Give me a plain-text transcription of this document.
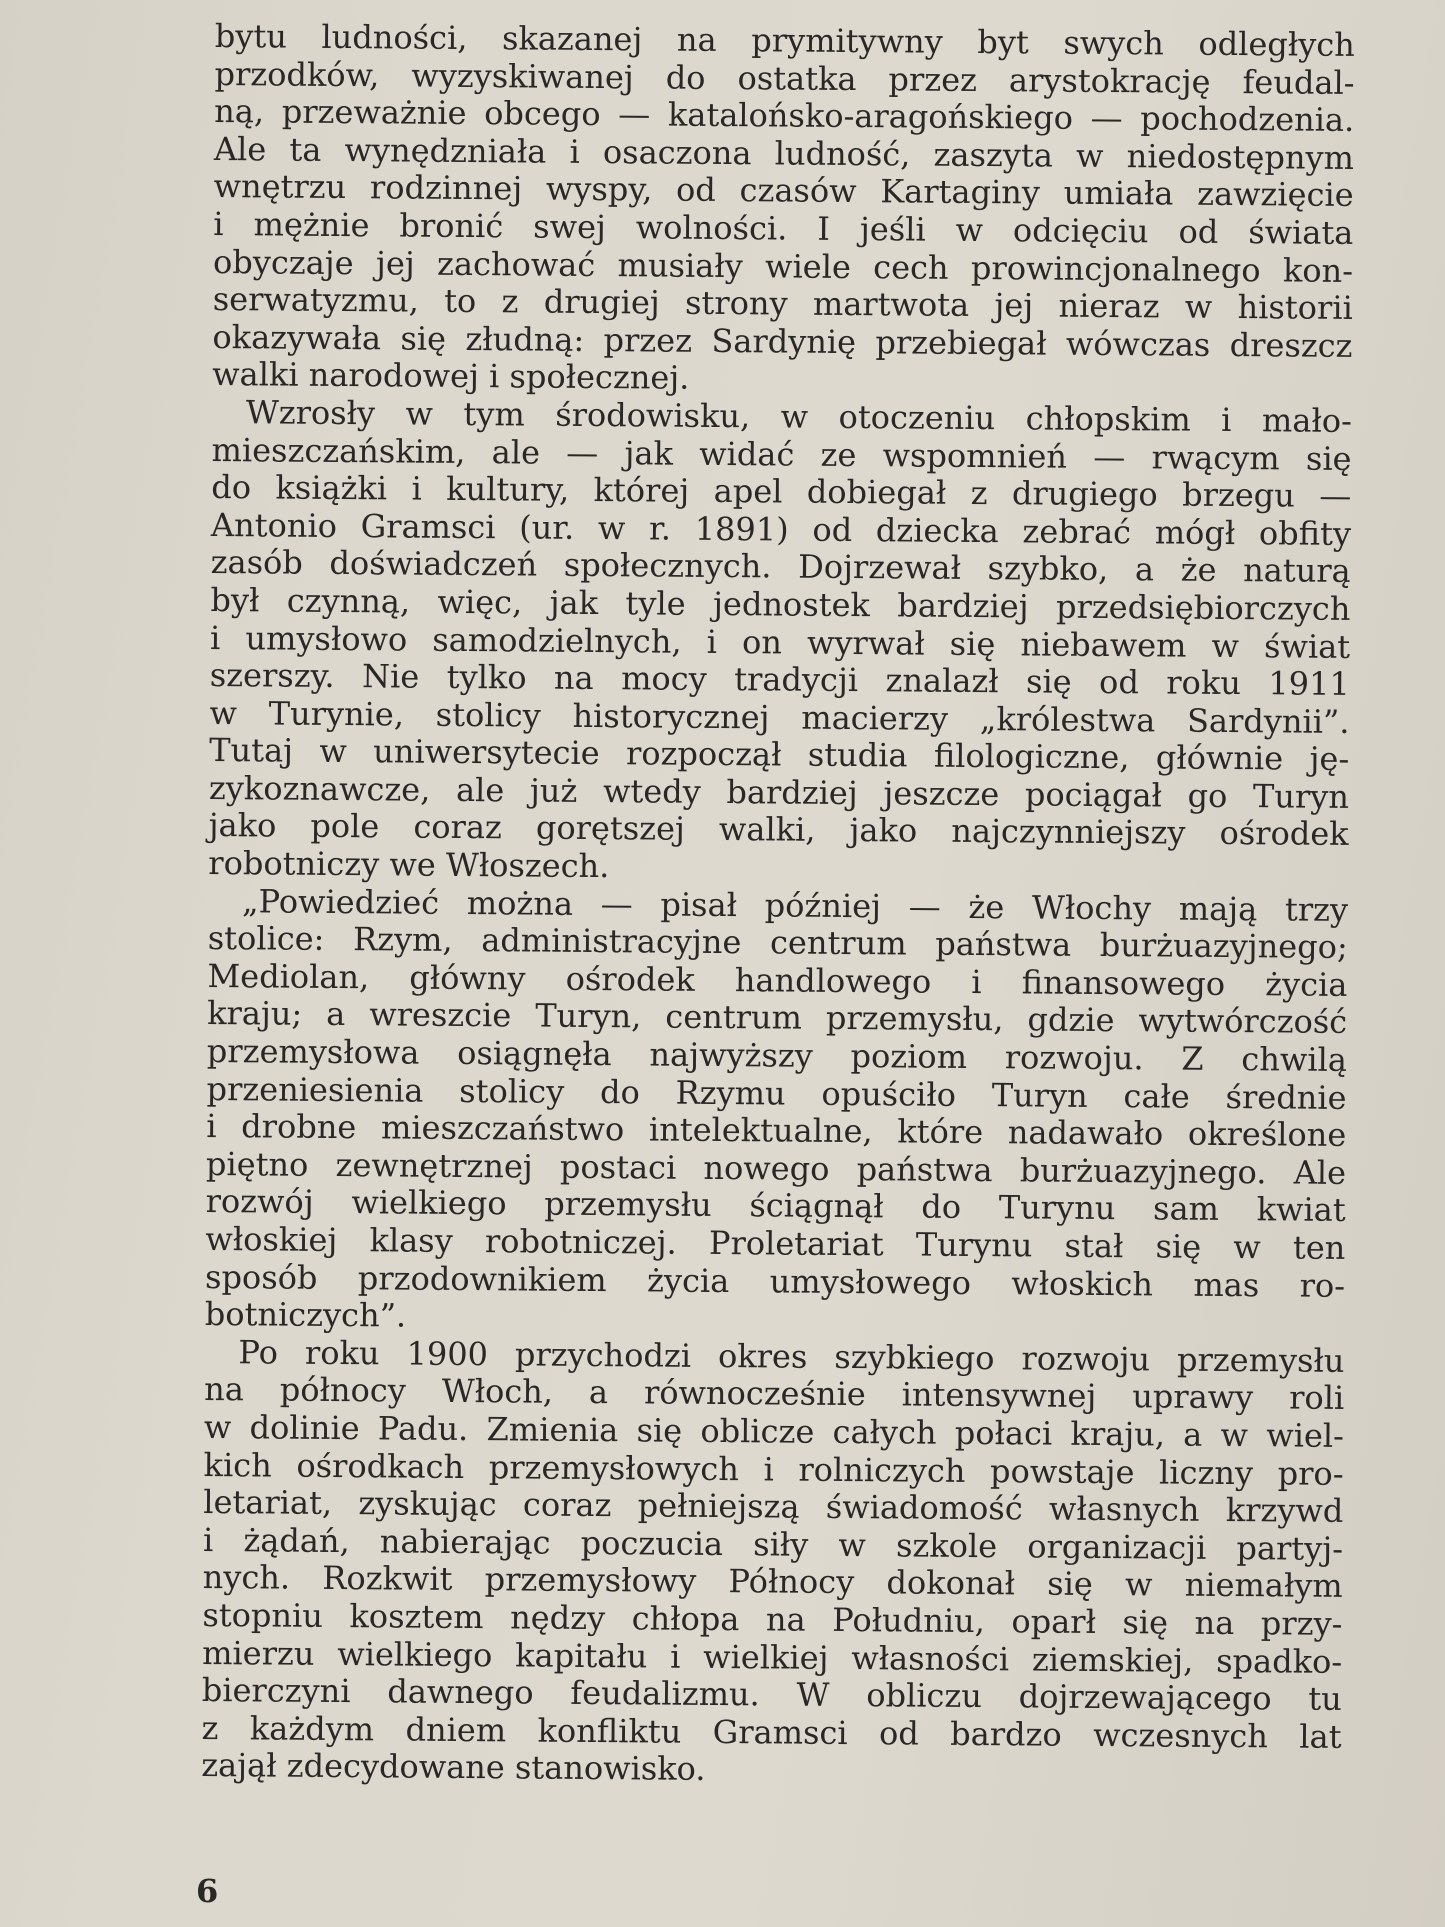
bytu ludności, skazanej na prymitywny byt swych odległych
przodków, wyzyskiwanej do ostatka przez arystokrację feudal-
ną, przeważnie obcego — katalońsko-aragońskiego — pochodzenia.
Ale ta wynędzniała i osaczona ludność, zaszyta w niedostępnym
wnętrzu rodzinnej wyspy, od czasów Kartaginy umiała zawzięcie
i mężnie bronić swej wolności. I jeśli w odcięciu od świata
obyczaje jej zachować musiały wiele cech prowincjonalnego kon-
serwatyzmu, to z drugiej strony martwota jej nieraz w historii
okazywała się złudną: przez Sardynię przebiegał wówczas dreszcz
walki narodowej i społecznej.
Wzrosły w tym środowisku, w otoczeniu chłopskim i mało-
mieszczańskim, ale — jak widać ze wspomnień — rwącym się
do książki i kultury, której apel dobiegał z drugiego brzegu —
Antonio Gramsci (ur. w r. 1891) od dziecka zebrać mógł obfity
zasób doświadczeń społecznych. Dojrzewał szybko, a że naturą
był czynną, więc, jak tyle jednostek bardziej przedsiębiorczych
i umysłowo samodzielnych, i on wyrwał się niebawem w świat
szerszy. Nie tylko na mocy tradycji znalazł się od roku 1911
w Turynie, stolicy historycznej macierzy „królestwa Sardynii”.
Tutaj w uniwersytecie rozpoczął studia filologiczne, głównie ję-
zykoznawcze, ale już wtedy bardziej jeszcze pociągał go Turyn
jako pole coraz gorętszej walki, jako najczynniejszy ośrodek
robotniczy we Włoszech.
„Powiedzieć można — pisał później — że Włochy mają trzy
stolice: Rzym, administracyjne centrum państwa burżuazyjnego;
Mediolan, główny ośrodek handlowego i finansowego życia
kraju; a wreszcie Turyn, centrum przemysłu, gdzie wytwórczość
przemysłowa osiągnęła najwyższy poziom rozwoju. Z chwilą
przeniesienia stolicy do Rzymu opuściło Turyn całe średnie
i drobne mieszczaństwo intelektualne, które nadawało określone
piętno zewnętrznej postaci nowego państwa burżuazyjnego. Ale
rozwój wielkiego przemysłu ściągnął do Turynu sam kwiat
włoskiej klasy robotniczej. Proletariat Turynu stał się w ten
sposób przodownikiem życia umysłowego włoskich mas ro-
botniczych”.
Po roku 1900 przychodzi okres szybkiego rozwoju przemysłu
na północy Włoch, a równocześnie intensywnej uprawy roli
w dolinie Padu. Zmienia się oblicze całych połaci kraju, a w wiel-
kich ośrodkach przemysłowych i rolniczych powstaje liczny pro-
letariat, zyskując coraz pełniejszą świadomość własnych krzywd
i żądań, nabierając poczucia siły w szkole organizacji partyj-
nych. Rozkwit przemysłowy Północy dokonał się w niemałym
stopniu kosztem nędzy chłopa na Południu, oparł się na przy-
mierzu wielkiego kapitału i wielkiej własności ziemskiej, spadko-
bierczyni dawnego feudalizmu. W obliczu dojrzewającego tu
z każdym dniem konfliktu Gramsci od bardzo wczesnych lat
zajął zdecydowane stanowisko.
6
